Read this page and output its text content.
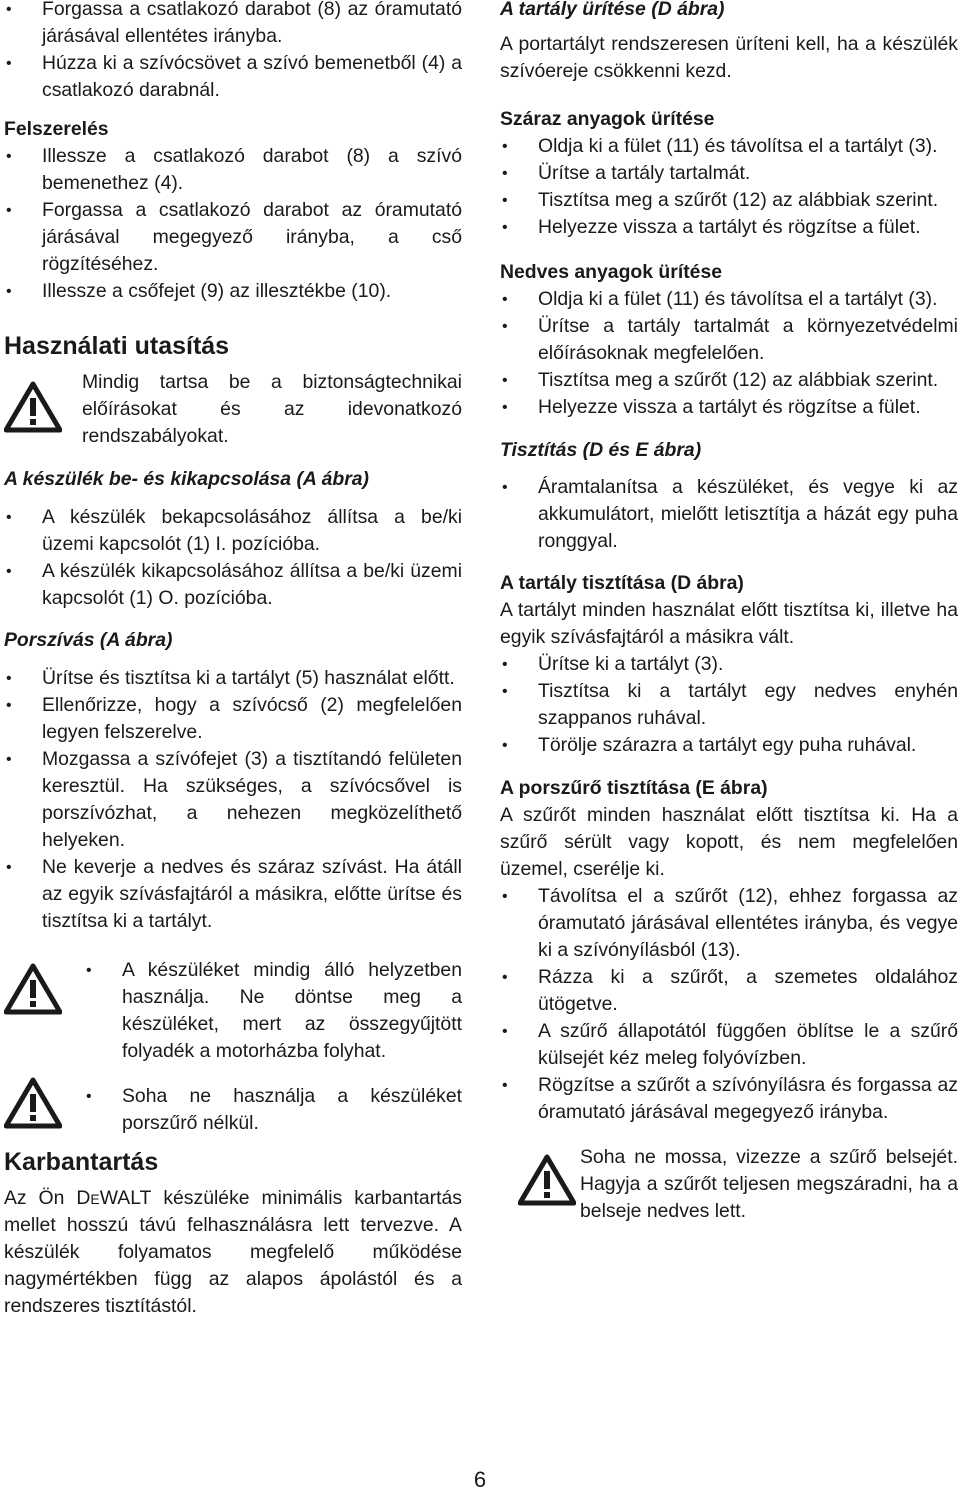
• Forgassa a csatlakozó darabot (8) az óramutató járásával ellentétes irányba.
• Húzza ki a szívócsövet a szívó bemenetből (4) a csatlakozó darabnál.
Felszerelés
• Illessze a csatlakozó darabot (8) a szívó bemenethez (4).
• Forgassa a csatlakozó darabot az óramutató járásával megegyező irányba, a cső rögzítéséhez.
• Illessze a csőfejet (9) az illesztékbe (10).
Használati utasítás
Mindig tartsa be a biztonságtechnikai előírásokat és az idevonatkozó rendszabályokat.
A készülék be- és kikapcsolása (A ábra)
• A készülék bekapcsolásához állítsa a be/ki üzemi kapcsolót (1) I. pozícióba.
• A készülék kikapcsolásához állítsa a be/ki üzemi kapcsolót (1) O. pozícióba.
Porszívás (A ábra)
• Ürítse és tisztítsa ki a tartályt (5) használat előtt.
• Ellenőrizze, hogy a szívócső (2) megfelelően legyen felszerelve.
• Mozgassa a szívófejet (3) a tisztítandó felületen keresztül. Ha szükséges, a szívócsővel is porszívózhat, a nehezen megközelíthető helyeken.
• Ne keverje a nedves és száraz szívást. Ha átáll az egyik szívásfajtáról a másikra, előtte ürítse és tisztítsa ki a tartályt.
• A készüléket mindig álló helyzetben használja. Ne döntse meg a készüléket, mert az összegyűjtött folyadék a motorházba folyhat.
• Soha ne használja a készüléket porszűrő nélkül.
Karbantartás

Az Ön DeWALT készüléke minimális karbantartás mellet hosszú távú felhasználásra lett tervezve. A készülék folyamatos megfelelő működése nagymértékben függ az alapos ápolástól és a rendszeres tisztítástól.

A tartály ürítése (D ábra)

A portartályt rendszeresen üríteni kell, ha a készülék szívóereje csökkenni kezd.

Száraz anyagok ürítése
• Oldja ki a fület (11) és távolítsa el a tartályt (3).
• Ürítse a tartály tartalmát.
• Tisztítsa meg a szűrőt (12) az alábbiak szerint.
• Helyezze vissza a tartályt és rögzítse a fület.
Nedves anyagok ürítése
• Oldja ki a fület (11) és távolítsa el a tartályt (3).
• Ürítse a tartály tartalmát a környezetvédelmi előírásoknak megfelelően.
• Tisztítsa meg a szűrőt (12) az alábbiak szerint.
• Helyezze vissza a tartályt és rögzítse a fület.
Tisztítás (D és E ábra)
• Áramtalanítsa a készüléket, és vegye ki az akkumulátort, mielőtt letisztítja a házát egy puha ronggyal.
A tartály tisztítása (D ábra)

A tartályt minden használat előtt tisztítsa ki, illetve ha egyik szívásfajtáról a másikra vált.

• Ürítse ki a tartályt (3).
• Tisztítsa ki a tartályt egy nedves enyhén szappanos ruhával.
• Törölje szárazra a tartályt egy puha ruhával.
A porszűrő tisztítása (E ábra)

A szűrőt minden használat előtt tisztítsa ki. Ha a szűrő sérült vagy kopott, és nem megfelelően üzemel, cserélje ki.

• Távolítsa el a szűrőt (12), ehhez forgassa az óramutató járásával ellentétes irányba, és vegye ki a szívónyílásból (13).
• Rázza ki a szűrőt, a szemetes oldalához ütögetve.
• A szűrő állapotától függően öblítse le a szűrő külsejét kéz meleg folyóvízben.
• Rögzítse a szűrőt a szívónyílásra és forgassa az óramutató járásával megegyező irányba.
Soha ne mossa, vizezze a szűrő belsejét. Hagyja a szűrőt teljesen megszáradni, ha a belseje nedves lett.
6
